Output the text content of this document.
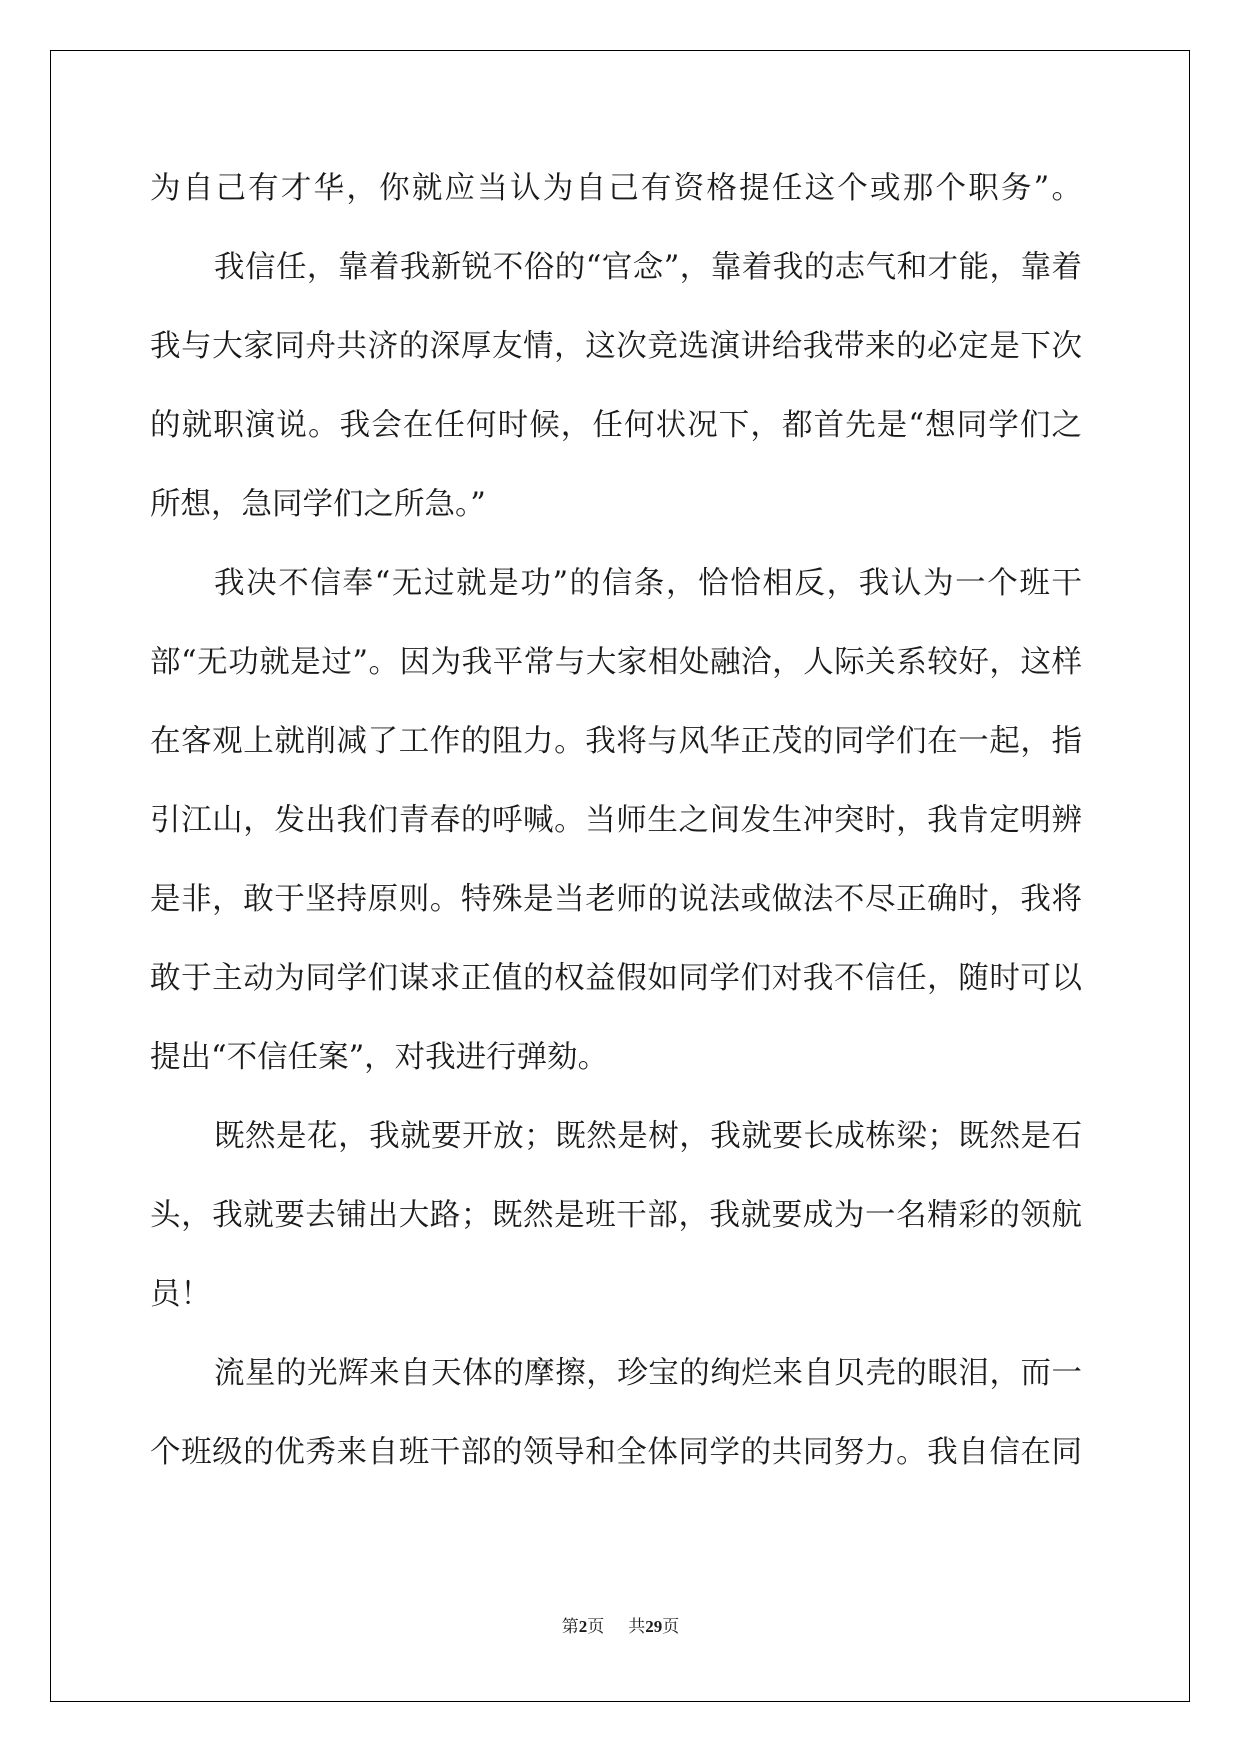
为自己有才华，你就应当认为自己有资格提任这个或那个职务”。
我信任，靠着我新锐不俗的“官念”，靠着我的志气和才能，靠着
我与大家同舟共济的深厚友情，这次竞选演讲给我带来的必定是下次
的就职演说。我会在任何时候，任何状况下，都首先是“想同学们之
所想，急同学们之所急。”
我决不信奉“无过就是功”的信条，恰恰相反，我认为一个班干
部“无功就是过”。因为我平常与大家相处融洽，人际关系较好，这样
在客观上就削减了工作的阻力。我将与风华正茂的同学们在一起，指
引江山，发出我们青春的呼喊。当师生之间发生冲突时，我肯定明辨
是非，敢于坚持原则。特殊是当老师的说法或做法不尽正确时，我将
敢于主动为同学们谋求正值的权益假如同学们对我不信任，随时可以
提出“不信任案”，对我进行弹劾。
既然是花，我就要开放；既然是树，我就要长成栋梁；既然是石
头，我就要去铺出大路；既然是班干部，我就要成为一名精彩的领航
员！
流星的光辉来自天体的摩擦，珍宝的绚烂来自贝壳的眼泪，而一
个班级的优秀来自班干部的领导和全体同学的共同努力。我自信在同
第2页 共29页
